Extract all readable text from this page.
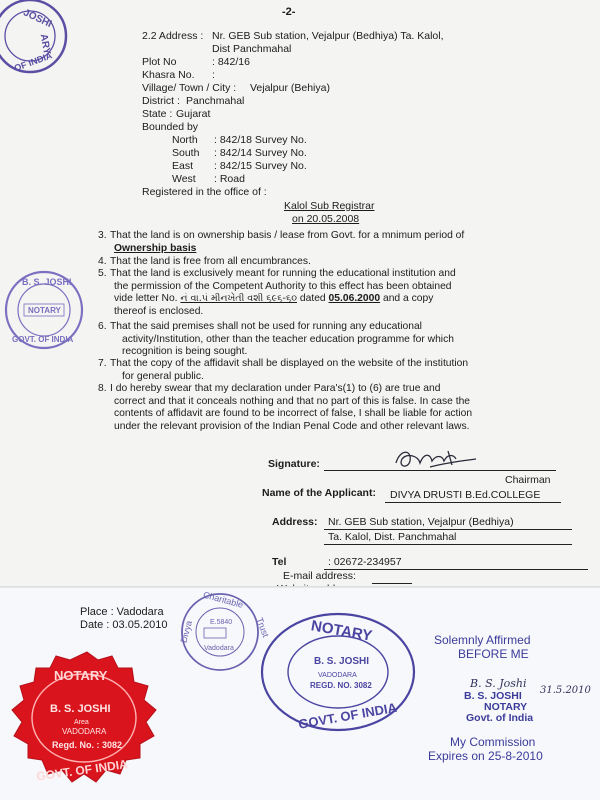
-2-
2.2 Address : Nr. GEB Sub station, Vejalpur (Bedhiya) Ta. Kalol,
Dist Panchmahal
Plot No	: 842/16
Khasra No. :
Village/ Town / City : Vejalpur (Behiya)
District : Panchmahal
State : Gujarat
Bounded by
North : 842/18 Survey No.
South : 842/14 Survey No.
East : 842/15 Survey No.
West : Road
Registered in the office of :
Kalol Sub Registrar
on 20.05.2008
3. That the land is on ownership basis / lease from Govt. for a mnimum period of
Ownership basis
4. That the land is free from all encumbrances.
5. That the land is exclusively meant for running the educational institution and
the permission of the Competent Authority to this effect has been obtained
vide letter No. નં વા.પં મીનખેતી વશી ૬૯૬-૬૦ dated 05.06.2000 and a copy
thereof is enclosed.
6. That the said premises shall not be used for running any educational
activity/Institution, other than the teacher education programme for which
recognition is being sought.
7. That the copy of the affidavit shall be displayed on the website of the institution
for general public.
8. I do hereby swear that my declaration under Para's(1) to (6) are true and
correct and that it conceals nothing and that no part of this is false. In case the
contents of affidavit are found to be incorrect of false, I shall be liable for action
under the relevant provision of the Indian Penal Code and other relevant laws.
Signature:
Chairman
Name of the Applicant: DIVYA DRUSTI B.Ed.COLLEGE
Address: Nr. GEB Sub station, Vejalpur (Bedhiya)
Ta. Kalol, Dist. Panchmahal
Tel	: 02672-234957
E-mail address:
Place : Vadodara
Date : 03.05.2010
Solemnly Affirmed
BEFORE ME
B. S. Joshi
31.5.2010
B. S. JOSHI
NOTARY
Govt. of India
My Commission
Expires on 25-8-2010
JOSHI
ARY
OF INDIA
B. S. JOSHI
NOTARY
GOVT. OF INDIA
Charitable
Trust
Divya E.5840
Vadodara
NOTARY
B. S. JOSHI
VADODARA
REGD. NO. 3082
GOVT. OF INDIA
NOTARY
B. S. JOSHI
Area
VADODARA
Regd. No. : 3082
GOVT. OF INDIA
